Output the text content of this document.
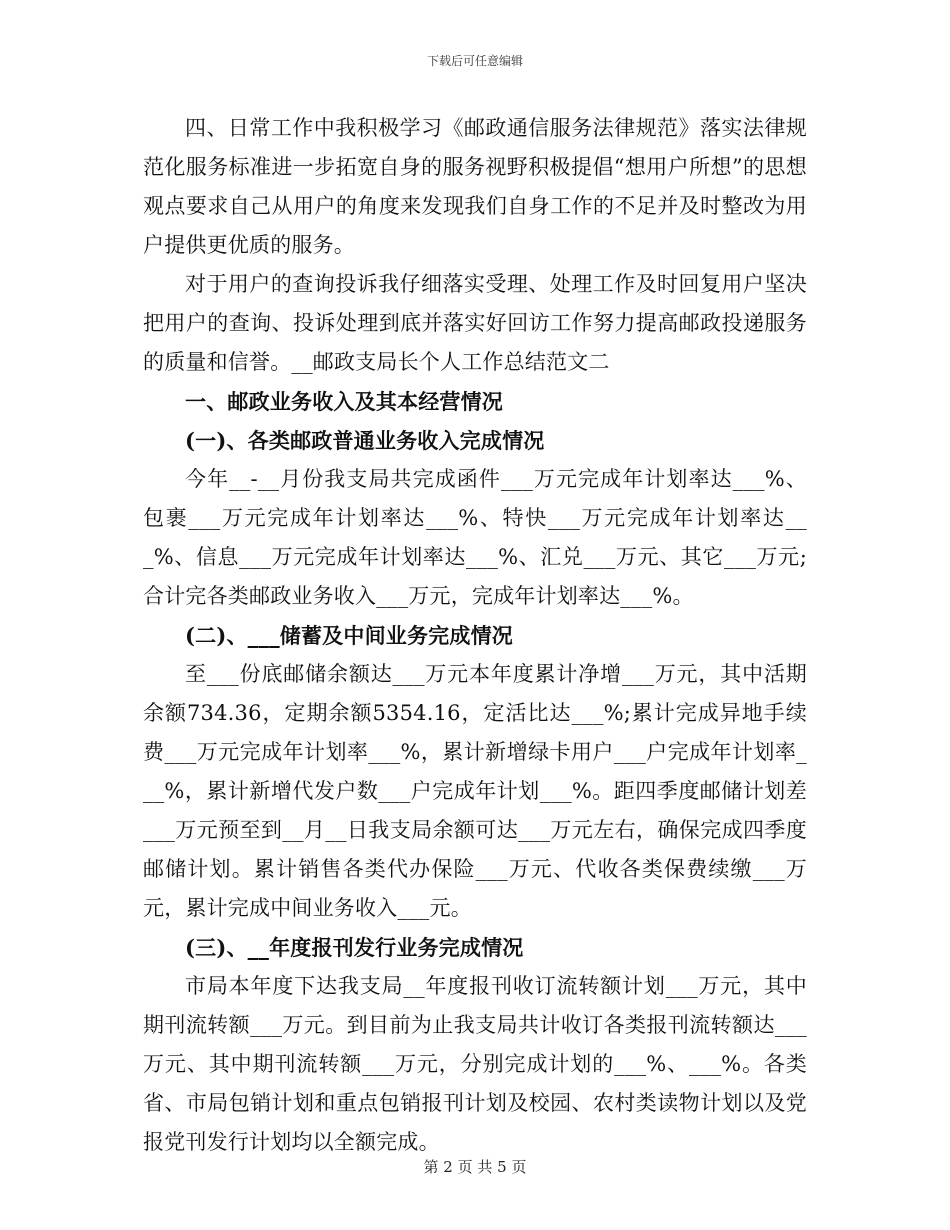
下载后可任意编辑

四、日常工作中我积极学习《邮政通信服务法律规范》落实法律规范化服务标准进一步拓宽自身的服务视野积极提倡“想用户所想”的思想观点要求自己从用户的角度来发现我们自身工作的不足并及时整改为用户提供更优质的服务。

对于用户的查询投诉我仔细落实受理、处理工作及时回复用户坚决把用户的查询、投诉处理到底并落实好回访工作努力提高邮政投递服务的质量和信誉。__邮政支局长个人工作总结范文二

一、邮政业务收入及其本经营情况

(一)、各类邮政普通业务收入完成情况

今年__-__月份我支局共完成函件___万元完成年计划率达___%、包裹___万元完成年计划率达___%、特快___万元完成年计划率达___%、信息___万元完成年计划率达___%、汇兑___万元、其它___万元;合计完各类邮政业务收入___万元，完成年计划率达___%。

(二)、___储蓄及中间业务完成情况

至___份底邮储余额达___万元本年度累计净增___万元，其中活期余额734.36，定期余额5354.16，定活比达___%;累计完成异地手续费___万元完成年计划率___%，累计新增绿卡用户___户完成年计划率___%，累计新增代发户数___户完成年计划___%。距四季度邮储计划差___万元预至到__月__日我支局余额可达___万元左右，确保完成四季度邮储计划。累计销售各类代办保险___万元、代收各类保费续缴___万元，累计完成中间业务收入___元。

(三)、__年度报刊发行业务完成情况

市局本年度下达我支局__年度报刊收订流转额计划___万元，其中期刊流转额___万元。到目前为止我支局共计收订各类报刊流转额达___万元、其中期刊流转额___万元，分别完成计划的___%、___%。各类省、市局包销计划和重点包销报刊计划及校园、农村类读物计划以及党报党刊发行计划均以全额完成。

第 2 页 共 5 页
